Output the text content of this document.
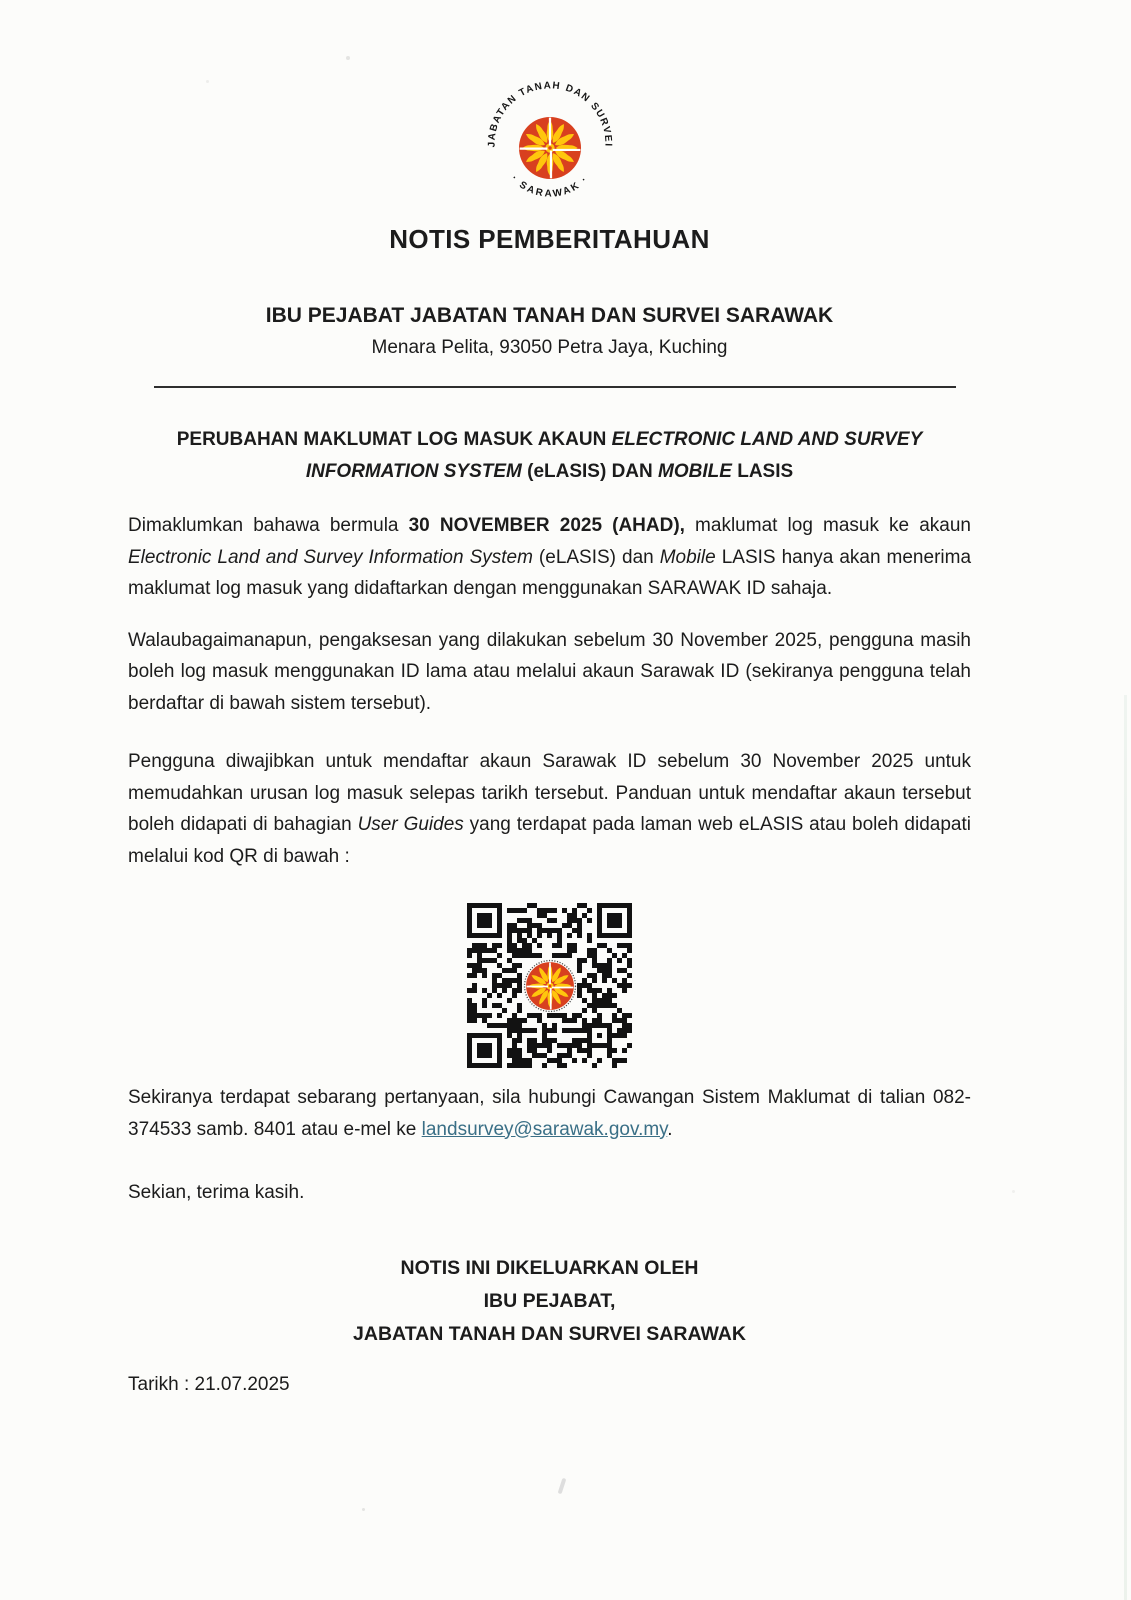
JABATAN TANAH DAN SURVEI
· SARAWAK ·
NOTIS PEMBERITAHUAN
IBU PEJABAT JABATAN TANAH DAN SURVEI SARAWAK
Menara Pelita, 93050 Petra Jaya, Kuching
PERUBAHAN MAKLUMAT LOG MASUK AKAUN ELECTRONIC LAND AND SURVEY INFORMATION SYSTEM (eLASIS) DAN MOBILE LASIS

Dimaklumkan bahawa bermula 30 NOVEMBER 2025 (AHAD), maklumat log masuk ke akaun Electronic Land and Survey Information System (eLASIS) dan Mobile LASIS hanya akan menerima maklumat log masuk yang didaftarkan dengan menggunakan SARAWAK ID sahaja.

Walaubagaimanapun, pengaksesan yang dilakukan sebelum 30 November 2025, pengguna masih boleh log masuk menggunakan ID lama atau melalui akaun Sarawak ID (sekiranya pengguna telah berdaftar di bawah sistem tersebut).

Pengguna diwajibkan untuk mendaftar akaun Sarawak ID sebelum 30 November 2025 untuk memudahkan urusan log masuk selepas tarikh tersebut. Panduan untuk mendaftar akaun tersebut boleh didapati di bahagian User Guides yang terdapat pada laman web eLASIS atau boleh didapati melalui kod QR di bawah :

Sekiranya terdapat sebarang pertanyaan, sila hubungi Cawangan Sistem Maklumat di talian 082-374533 samb. 8401 atau e-mel ke landsurvey@sarawak.gov.my.

Sekian, terima kasih.

NOTIS INI DIKELUARKAN OLEH
IBU PEJABAT,
JABATAN TANAH DAN SURVEI SARAWAK
Tarikh : 21.07.2025
